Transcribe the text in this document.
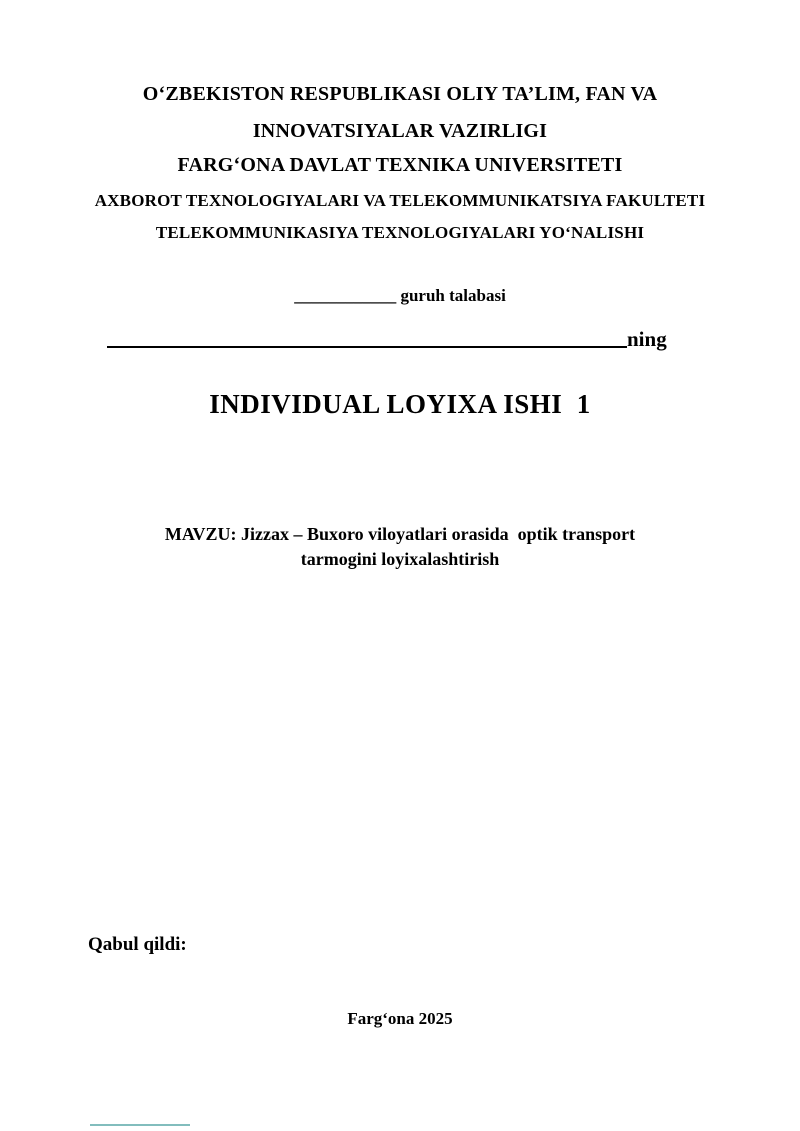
O‘ZBEKISTON RESPUBLIKASI OLIY TA’LIM, FAN VA
INNOVATSIYALAR VAZIRLIGI
FARG‘ONA DAVLAT TEXNIKA UNIVERSITETI
AXBOROT TEXNOLOGIYALARI VA TELEKOMMUNIKATSIYA FAKULTETI
TELEKOMMUNIKASIYA TEXNOLOGIYALARI YO‘NALISHI
____________ guruh talabasi
ning
INDIVIDUAL LOYIXA ISHI  1
MAVZU: Jizzax – Buxoro viloyatlari orasida  optik transport
tarmogini loyixalashtirish
Qabul qildi:
Farg‘ona 2025
